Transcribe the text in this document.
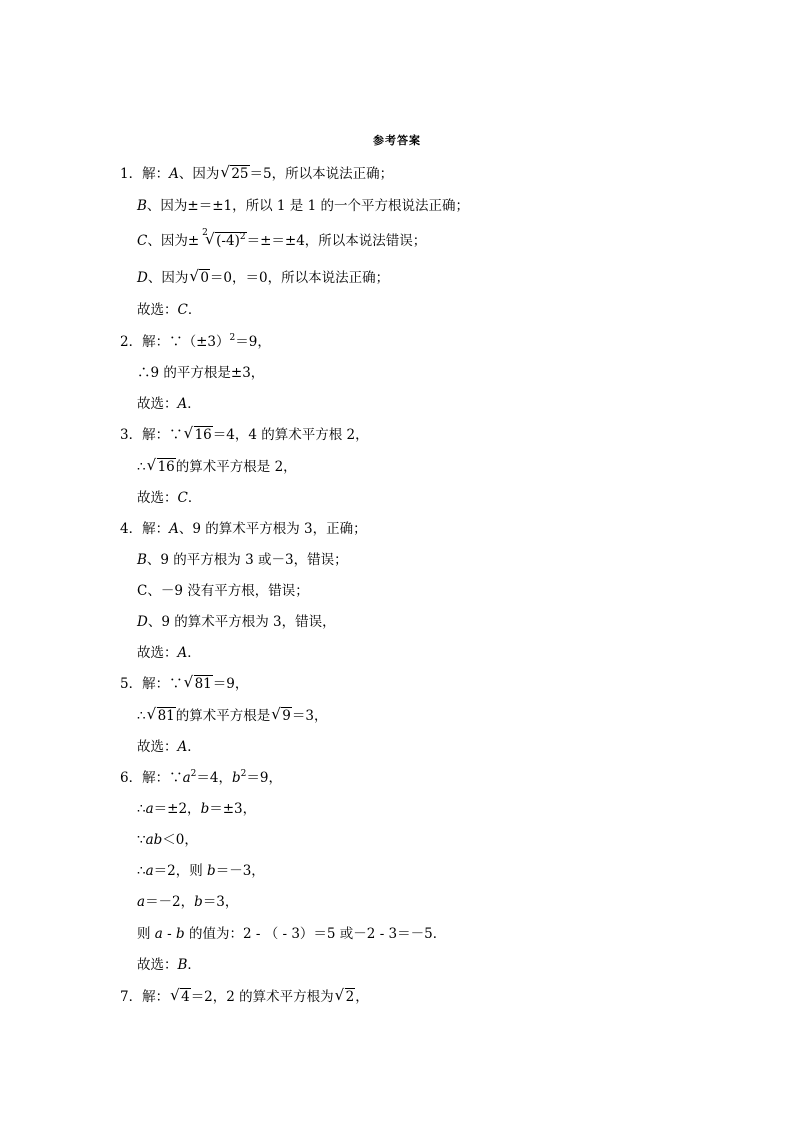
参考答案
1．解：A、因为 √ 25＝5，所以本说法正确；
B、因为±＝±1，所以 1 是 1 的一个平方根说法正确；
C、因为± √ 2 $(-4)^2=\pm=\pm 4$，所以本说法错误；
D、因为 √ 0＝0，＝0，所以本说法正确；
故选：C．
2．解：$\because(\pm 3)^2=9$，
∴9 的平方根是±3，
故选：A．
3．解：∵ √ 16＝4，4 的算术平方根 2，
∴ √ 16的算术平方根是 2，
故选：C．
4．解：A、9 的算术平方根为 3，正确；
B、9 的平方根为 3 或－3，错误；
C、－9 没有平方根，错误；
D、9 的算术平方根为 3，错误，
故选：A．
5．解：∵ √ 81＝9，
∴ √ 81的算术平方根是 √ 9＝3，
故选：A．
6．解：$\because a^2=4$，$b^2=9$，
∴a＝±2，b＝±3，
∵ab＜0，
∴a＝2，则 b＝－3，
a＝－2，b＝3，
则 a - b 的值为：2 - （ - 3）＝5 或－2 - 3＝－5．
故选：B．
7．解： √ 4＝2，2 的算术平方根为 √ 2，
